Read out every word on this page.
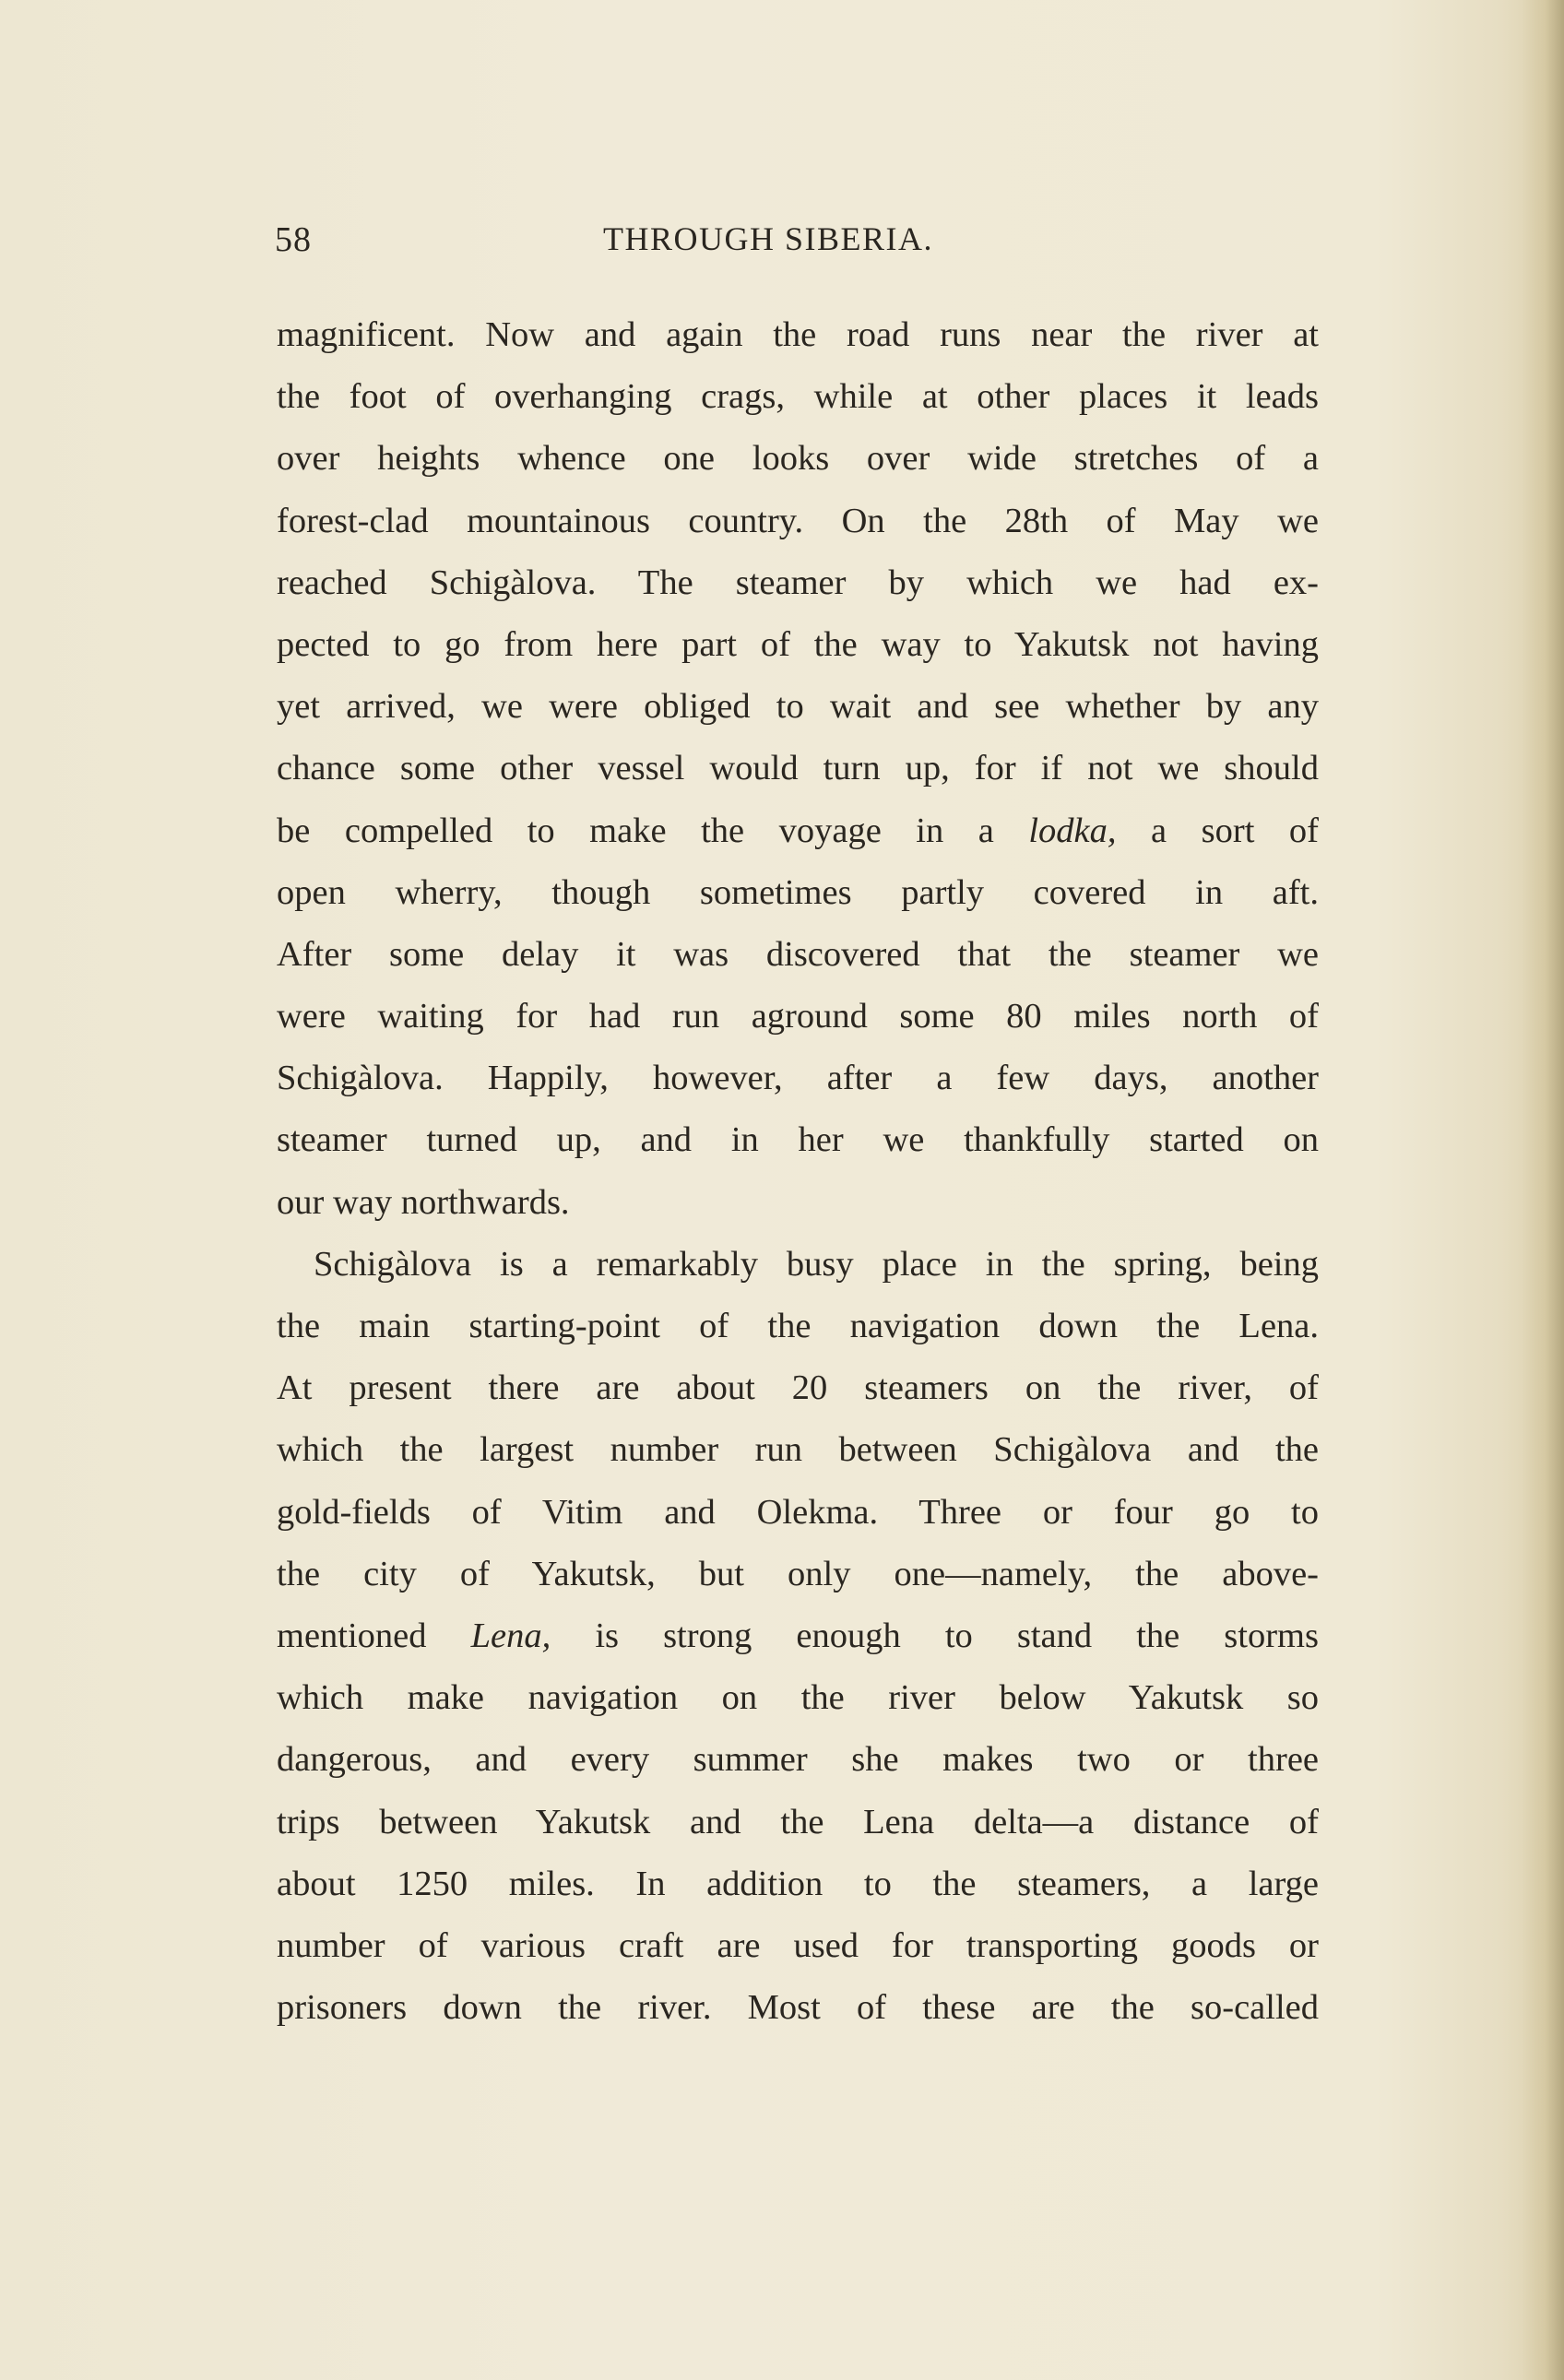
58	THROUGH SIBERIA.
magnificent. Now and again the road runs near the river at
the foot of overhanging crags, while at other places it leads
over heights whence one looks over wide stretches of a
forest-clad mountainous country. On the 28th of May we
reached Schigàlova. The steamer by which we had ex-
pected to go from here part of the way to Yakutsk not having
yet arrived, we were obliged to wait and see whether by any
chance some other vessel would turn up, for if not we should
be compelled to make the voyage in a lodka, a sort of
open wherry, though sometimes partly covered in aft.
After some delay it was discovered that the steamer we
were waiting for had run aground some 80 miles north of
Schigàlova. Happily, however, after a few days, another
steamer turned up, and in her we thankfully started on
our way northwards.
Schigàlova is a remarkably busy place in the spring, being
the main starting-point of the navigation down the Lena.
At present there are about 20 steamers on the river, of
which the largest number run between Schigàlova and the
gold-fields of Vitim and Olekma. Three or four go to
the city of Yakutsk, but only one—namely, the above-
mentioned Lena, is strong enough to stand the storms
which make navigation on the river below Yakutsk so
dangerous, and every summer she makes two or three
trips between Yakutsk and the Lena delta—a distance of
about 1250 miles. In addition to the steamers, a large
number of various craft are used for transporting goods or
prisoners down the river. Most of these are the so-called
